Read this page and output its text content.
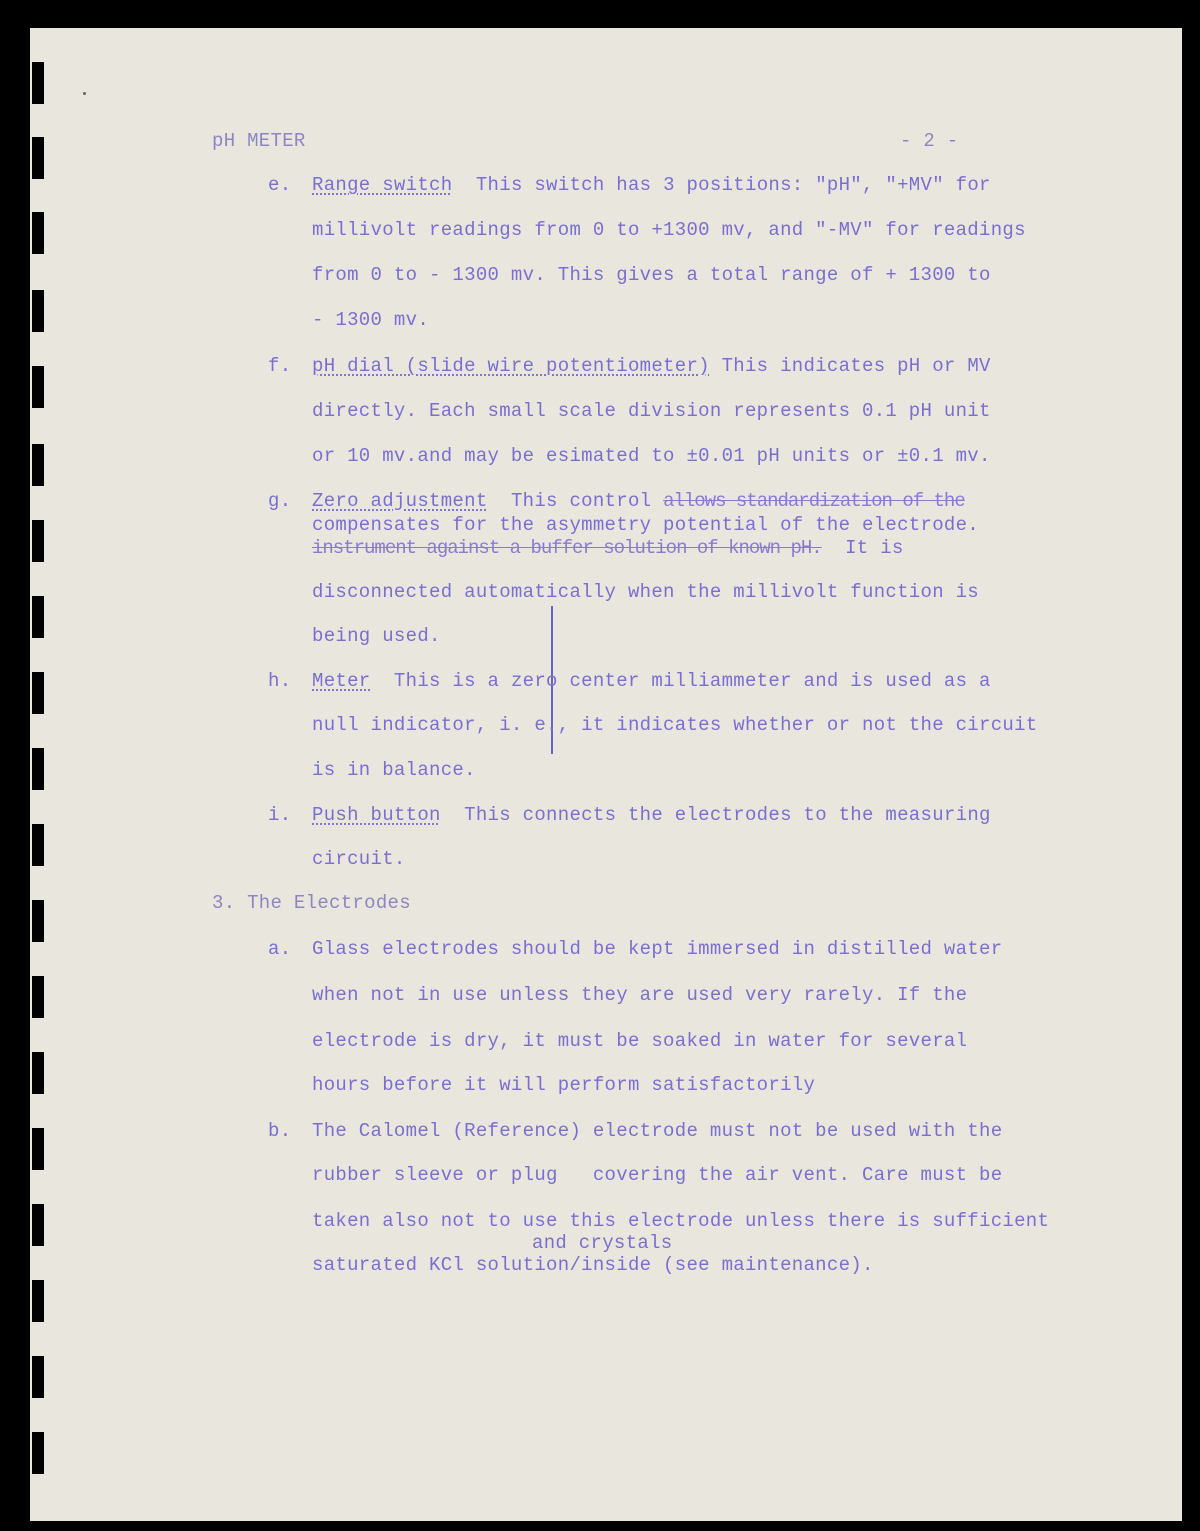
pH METER	- 2 -
e. Range switch This switch has 3 positions: "pH", "+MV" for
millivolt readings from 0 to +1300 mv, and "-MV" for readings
from 0 to - 1300 mv. This gives a total range of + 1300 to
- 1300 mv.
f. pH dial (slide wire potentiometer) This indicates pH or MV
directly. Each small scale division represents 0.1 pH unit
or 10 mv.and may be esimated to ±0.01 pH units or ±0.1 mv.
g. Zero adjustment This control allows standardization of the
compensates for the asymmetry potential of the electrode.
instrument against a buffer solution of known pH. It is
disconnected automatically when the millivolt function is
being used.
h. Meter This is a zero center milliammeter and is used as a
null indicator, i. e., it indicates whether or not the circuit
is in balance.
i. Push button This connects the electrodes to the measuring
circuit.
3. The Electrodes
a. Glass electrodes should be kept immersed in distilled water
when not in use unless they are used very rarely. If the
electrode is dry, it must be soaked in water for several
hours before it will perform satisfactorily
b. The Calomel (Reference) electrode must not be used with the
rubber sleeve or plug   covering the air vent. Care must be
taken also not to use this electrode unless there is sufficient
and crystals
saturated KCl solution/inside (see maintenance).
